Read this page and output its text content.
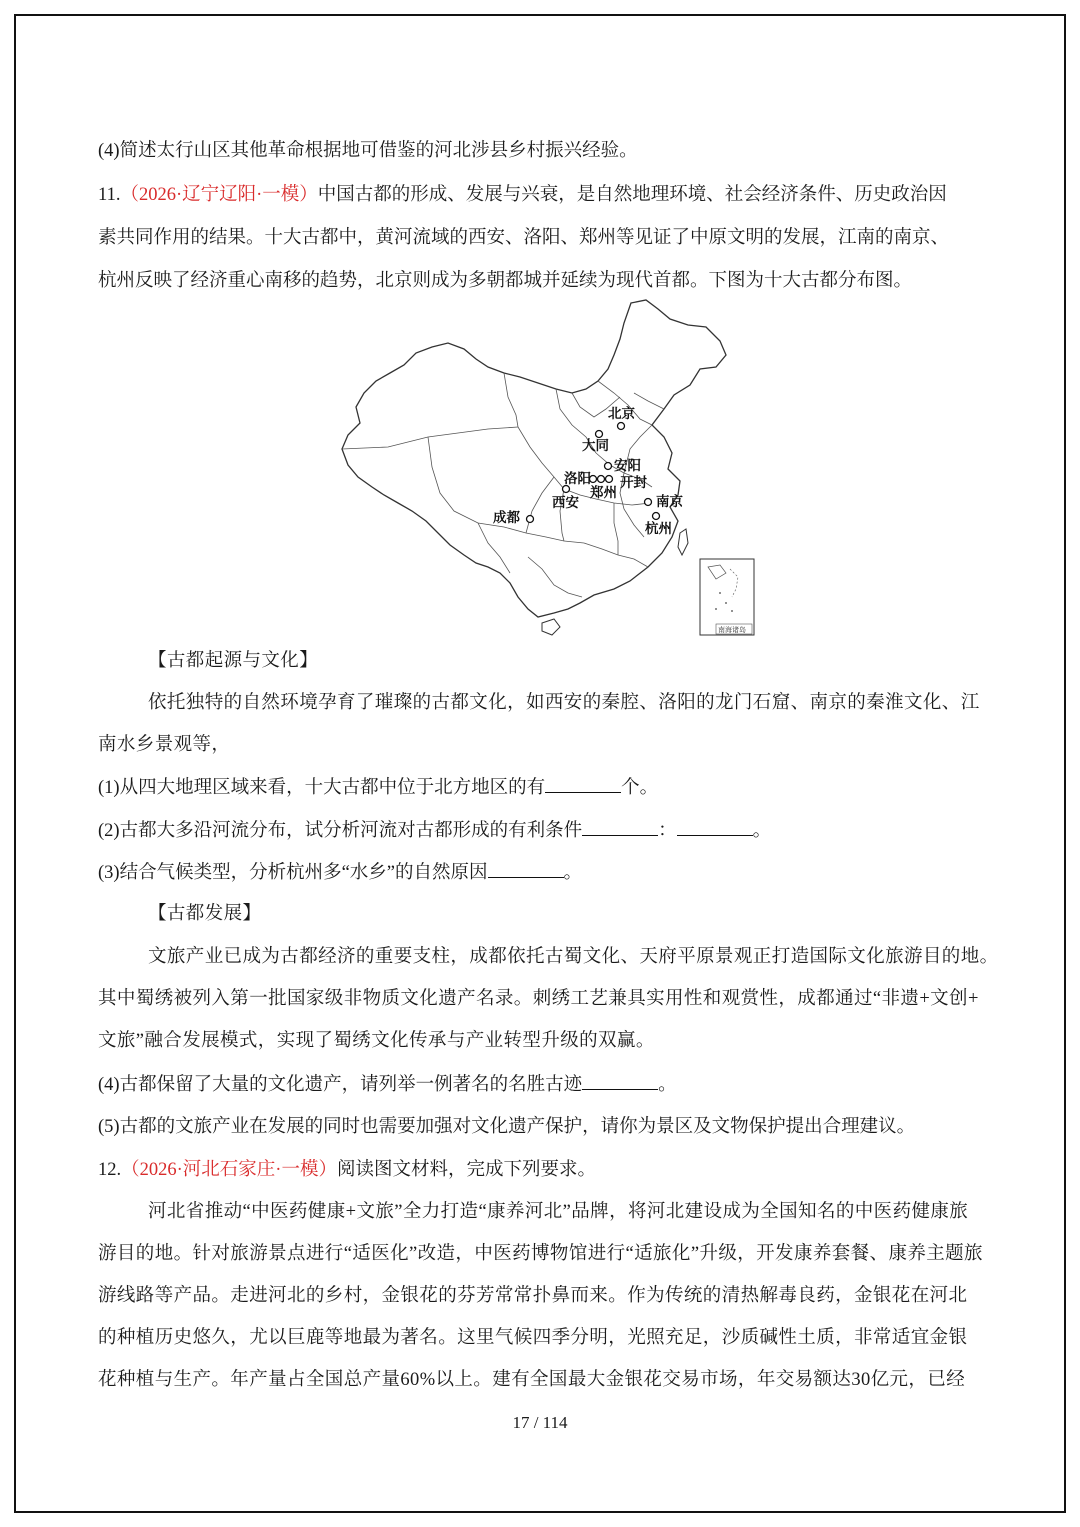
(4)简述太行山区其他革命根据地可借鉴的河北涉县乡村振兴经验。
11.（2026·辽宁辽阳·一模）中国古都的形成、发展与兴衰，是自然地理环境、社会经济条件、历史政治因
素共同作用的结果。十大古都中，黄河流域的西安、洛阳、郑州等见证了中原文明的发展，江南的南京、
杭州反映了经济重心南移的趋势，北京则成为多朝都城并延续为现代首都。下图为十大古都分布图。
【古都起源与文化】
依托独特的自然环境孕育了璀璨的古都文化，如西安的秦腔、洛阳的龙门石窟、南京的秦淮文化、江
南水乡景观等，
(1)从四大地理区域来看，十大古都中位于北方地区的有	个。
(2)古都大多沿河流分布，试分析河流对古都形成的有利条件	：	。
(3)结合气候类型，分析杭州多“水乡”的自然原因	。
【古都发展】
文旅产业已成为古都经济的重要支柱，成都依托古蜀文化、天府平原景观正打造国际文化旅游目的地。
其中蜀绣被列入第一批国家级非物质文化遗产名录。刺绣工艺兼具实用性和观赏性，成都通过“非遗+文创+
文旅”融合发展模式，实现了蜀绣文化传承与产业转型升级的双赢。
(4)古都保留了大量的文化遗产，请列举一例著名的名胜古迹	。
(5)古都的文旅产业在发展的同时也需要加强对文化遗产保护，请你为景区及文物保护提出合理建议。
12.（2026·河北石家庄·一模）阅读图文材料，完成下列要求。
河北省推动“中医药健康+文旅”全力打造“康养河北”品牌，将河北建设成为全国知名的中医药健康旅
游目的地。针对旅游景点进行“适医化”改造，中医药博物馆进行“适旅化”升级，开发康养套餐、康养主题旅
游线路等产品。走进河北的乡村，金银花的芬芳常常扑鼻而来。作为传统的清热解毒良药，金银花在河北
的种植历史悠久，尤以巨鹿等地最为著名。这里气候四季分明，光照充足，沙质碱性土质，非常适宜金银
花种植与生产。年产量占全国总产量60%以上。建有全国最大金银花交易市场，年交易额达30亿元，已经
北京
大同
安阳
洛阳
郑州
开封
西安	南京
杭州
成都
南海诸岛
17 / 114
